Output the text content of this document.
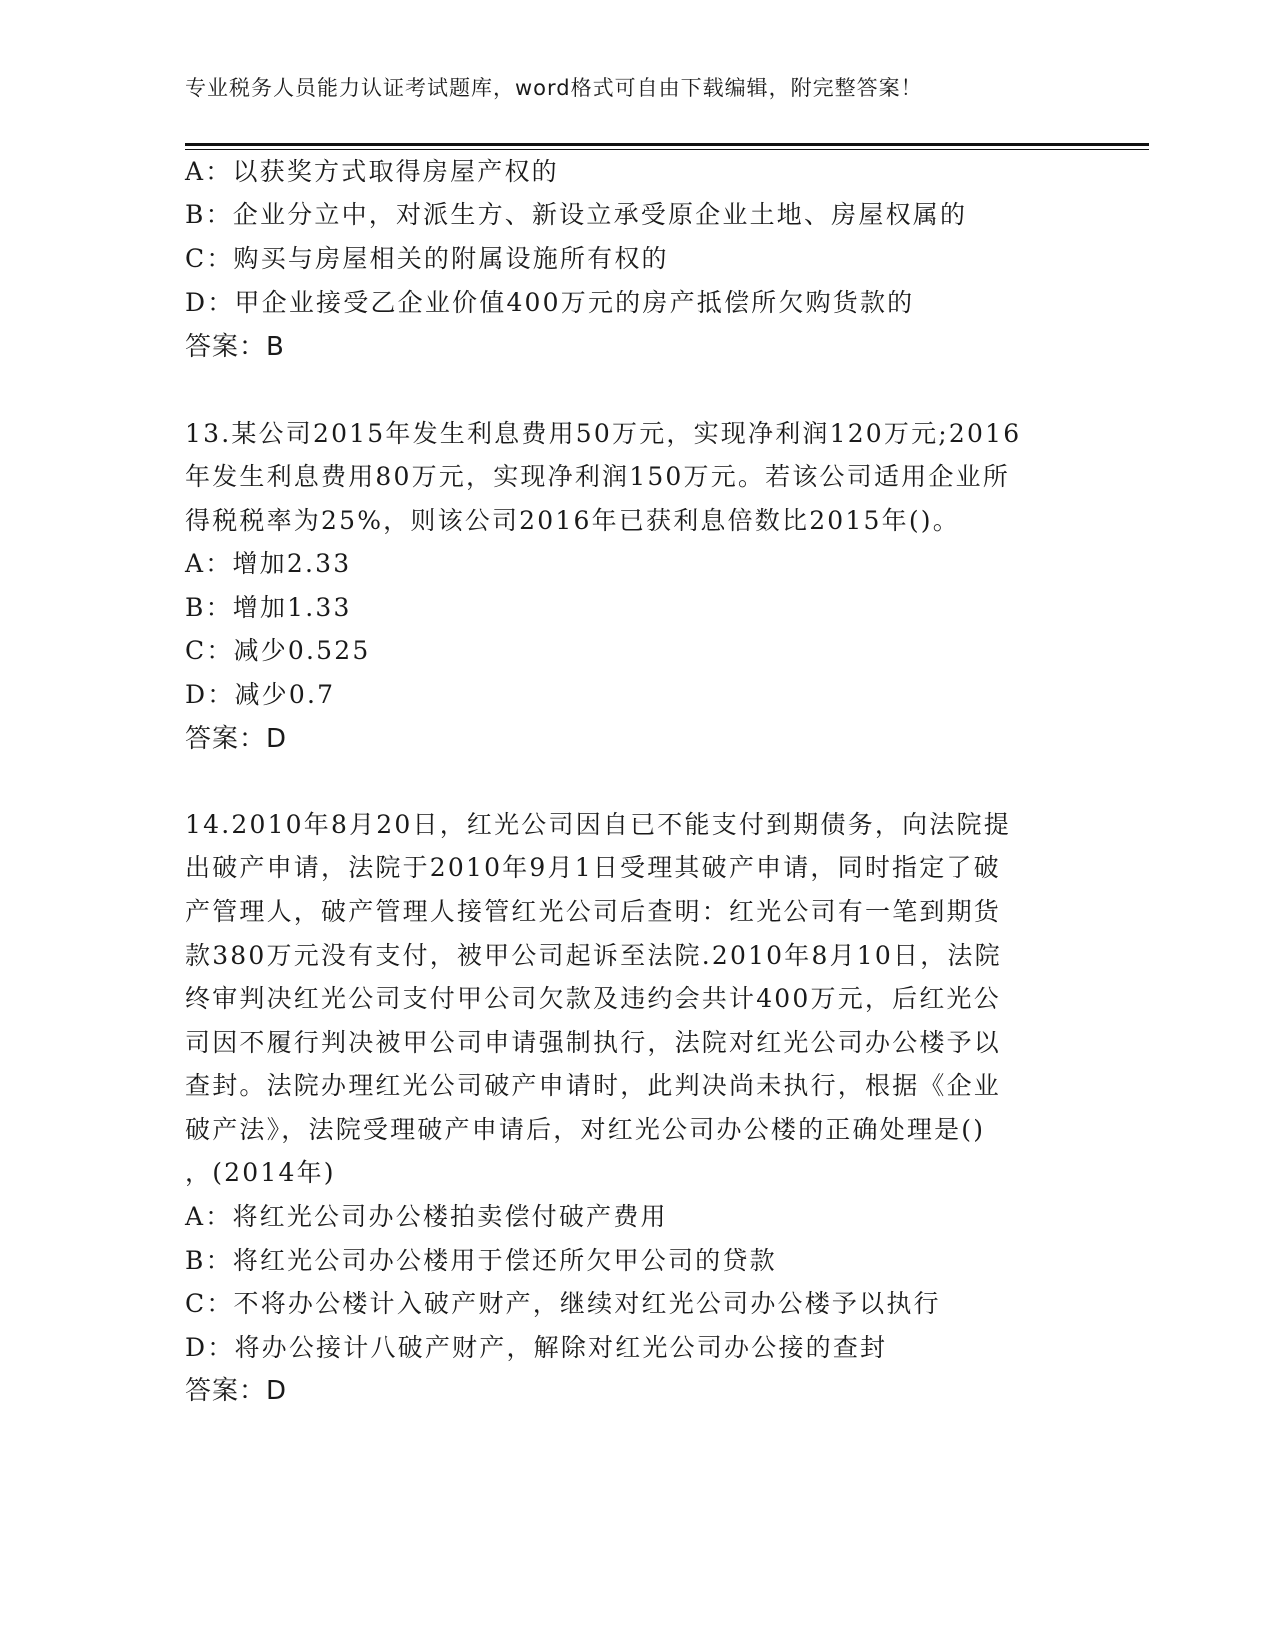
专业税务人员能力认证考试题库，word格式可自由下载编辑，附完整答案！
A：以获奖方式取得房屋产权的
B：企业分立中，对派生方、新设立承受原企业土地、房屋权属的
C：购买与房屋相关的附属设施所有权的
D：甲企业接受乙企业价值400万元的房产抵偿所欠购货款的
答案：B
13.某公司2015年发生利息费用50万元，实现净利润120万元;2016
年发生利息费用80万元，实现净利润150万元。若该公司适用企业所
得税税率为25%，则该公司2016年已获利息倍数比2015年()。
A：增加2.33
B：增加1.33
C：减少0.525
D：减少0.7
答案：D
14.2010年8月20日，红光公司因自已不能支付到期债务，向法院提
出破产申请，法院于2010年9月1日受理其破产申请，同时指定了破
产管理人，破产管理人接管红光公司后查明：红光公司有一笔到期货
款380万元没有支付，被甲公司起诉至法院.2010年8月10日，法院
终审判决红光公司支付甲公司欠款及违约会共计400万元，后红光公
司因不履行判决被甲公司申请强制执行，法院对红光公司办公楼予以
查封。法院办理红光公司破产申请时，此判决尚未执行，根据《企业
破产法》，法院受理破产申请后，对红光公司办公楼的正确处理是()
，(2014年)
A：将红光公司办公楼拍卖偿付破产费用
B：将红光公司办公楼用于偿还所欠甲公司的贷款
C：不将办公楼计入破产财产，继续对红光公司办公楼予以执行
D：将办公接计八破产财产，解除对红光公司办公接的查封
答案：D
